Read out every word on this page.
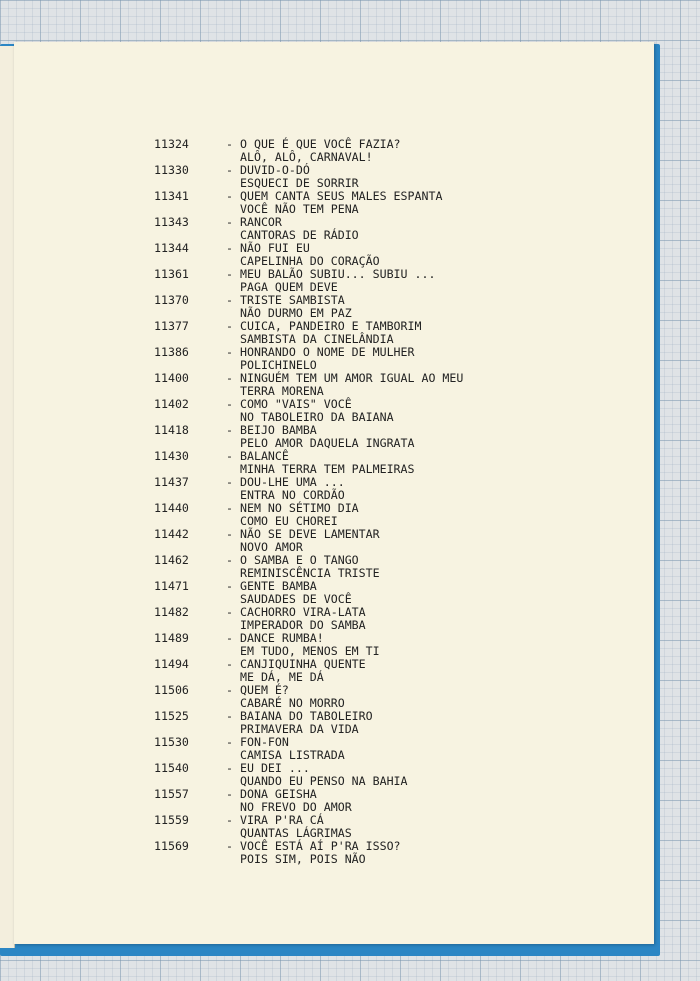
11324	- O QUE É QUE VOCÊ FAZIA?
ALÔ, ALÔ, CARNAVAL!
11330	- DUVID-O-DÓ
ESQUECI DE SORRIR
11341	- QUEM CANTA SEUS MALES ESPANTA
VOCÊ NÃO TEM PENA
11343	- RANCOR
CANTORAS DE RÁDIO
11344	- NÃO FUI EU
CAPELINHA DO CORAÇÃO
11361	- MEU BALÃO SUBIU... SUBIU ...
PAGA QUEM DEVE
11370	- TRISTE SAMBISTA
NÃO DURMO EM PAZ
11377	- CUICA, PANDEIRO E TAMBORIM
SAMBISTA DA CINELÂNDIA
11386	- HONRANDO O NOME DE MULHER
POLICHINELO
11400	- NINGUÉM TEM UM AMOR IGUAL AO MEU
TERRA MORENA
11402	- COMO "VAIS" VOCÊ
NO TABOLEIRO DA BAIANA
11418	- BEIJO BAMBA
PELO AMOR DAQUELA INGRATA
11430	- BALANCÊ
MINHA TERRA TEM PALMEIRAS
11437	- DOU-LHE UMA ...
ENTRA NO CORDÃO
11440	- NEM NO SÉTIMO DIA
COMO EU CHOREI
11442	- NÃO SE DEVE LAMENTAR
NOVO AMOR
11462	- O SAMBA E O TANGO
REMINISCÊNCIA TRISTE
11471	- GENTE BAMBA
SAUDADES DE VOCÊ
11482	- CACHORRO VIRA-LATA
IMPERADOR DO SAMBA
11489	- DANCE RUMBA!
EM TUDO, MENOS EM TI
11494	- CANJIQUINHA QUENTE
ME DÁ, ME DÁ
11506	- QUEM É?
CABARÉ NO MORRO
11525	- BAIANA DO TABOLEIRO
PRIMAVERA DA VIDA
11530	- FON-FON
CAMISA LISTRADA
11540	- EU DEI ...
QUANDO EU PENSO NA BAHIA
11557	- DONA GEISHA
NO FREVO DO AMOR
11559	- VIRA P'RA CÁ
QUANTAS LÁGRIMAS
11569	- VOCÊ ESTÁ AÍ P'RA ISSO?
POIS SIM, POIS NÃO
